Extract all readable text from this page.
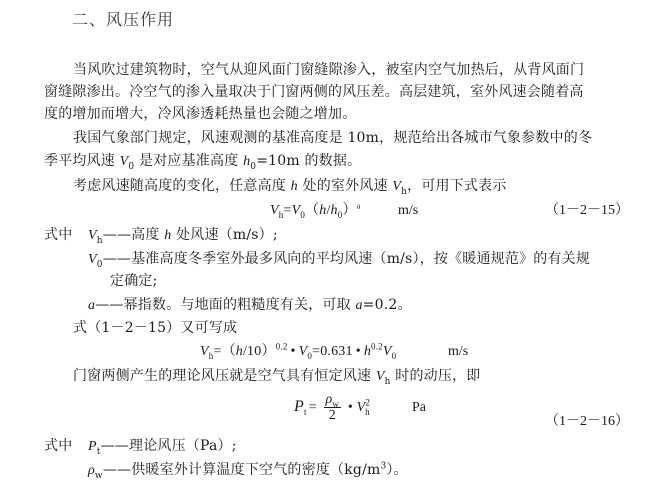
二、风压作用
当风吹过建筑物时，空气从迎风面门窗缝隙渗入，被室内空气加热后，从背风面门
窗缝隙渗出。冷空气的渗入量取决于门窗两侧的风压差。高层建筑，室外风速会随着高
度的增加而增大，冷风渗透耗热量也会随之增加。
我国气象部门规定，风速观测的基准高度是 10m，规范给出各城市气象参数中的冬
季平均风速 $V_0$ 是对应基准高度 $h_0=10m$ 的数据。
考虑风速随高度的变化，任意高度 h 处的室外风速 $V_h$，可用下式表示
$V_h=V_0(h/h_0)^a$	m/s	（1－2－15）
式中 $V_h——$高度 h 处风速（m/s）;
$V_0——$基准高度冬季室外最多风向的平均风速（m/s），按《暖通规范》的有关规
定确定;
a——幂指数。与地面的粗糙度有关，可取 a=0.2。
式（1－2－15）又可写成
$V_h=(h/10)^{0.2}$ • $V_0=0.631$ • $h^{0.2}V_0$	m/s
门窗两侧产生的理论风压就是空气具有恒定风速 $V_h$ 时的动压，即
$P_t = \frac{\rho_w}{2}$ • $V^2_h$	Pa
（1－2－16）
式中 $P_t——$理论风压（Pa）;
$\rho_w——$供暖室外计算温度下空气的密度$(kg/m^3)$。
